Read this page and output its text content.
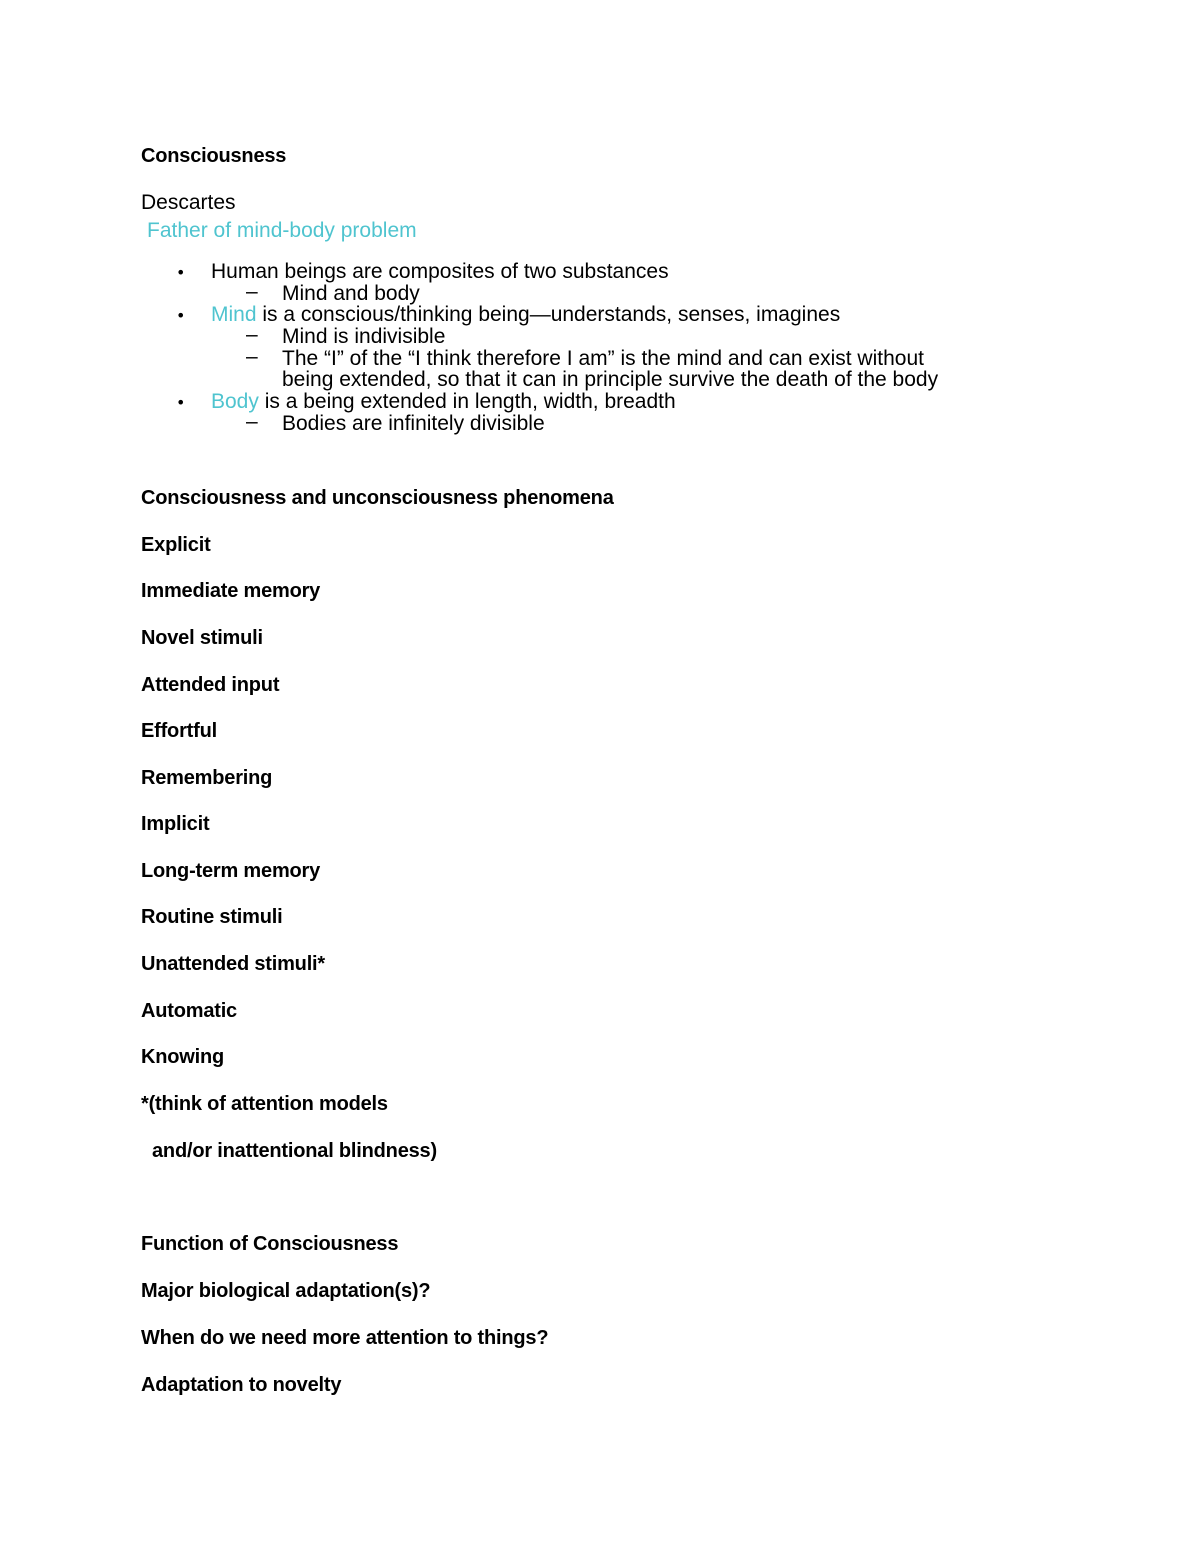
Consciousness
Descartes
Father of mind-body problem
• Human beings are composites of two substances
– Mind and body
• Mind is a conscious/thinking being—understands, senses, imagines
– Mind is indivisible
– The “I” of the “I think therefore I am” is the mind and can exist without
being extended, so that it can in principle survive the death of the body
• Body is a being extended in length, width, breadth
– Bodies are infinitely divisible
Consciousness and unconsciousness phenomena
Explicit
Immediate memory
Novel stimuli
Attended input
Effortful
Remembering
Implicit
Long-term memory
Routine stimuli
Unattended stimuli*
Automatic
Knowing
*(think of attention models
and/or inattentional blindness)
Function of Consciousness
Major biological adaptation(s)?
When do we need more attention to things?
Adaptation to novelty
